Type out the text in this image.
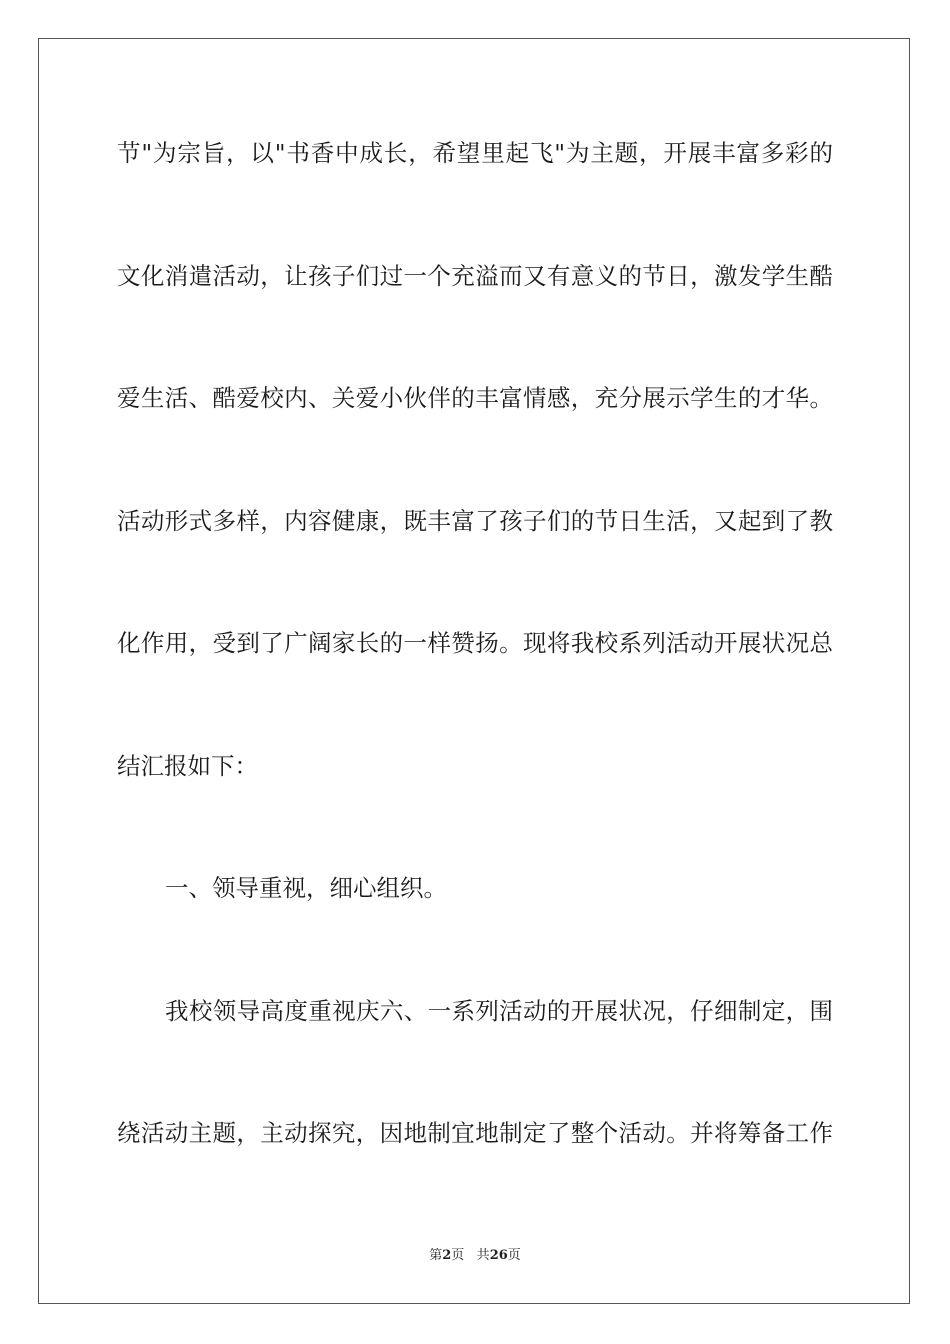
节"为宗旨，以"书香中成长，希望里起飞"为主题，开展丰富多彩的
文化消遣活动，让孩子们过一个充溢而又有意义的节日，激发学生酷
爱生活、酷爱校内、关爱小伙伴的丰富情感，充分展示学生的才华。
活动形式多样，内容健康，既丰富了孩子们的节日生活，又起到了教
化作用，受到了广阔家长的一样赞扬。现将我校系列活动开展状况总
结汇报如下：
一、领导重视，细心组织。
我校领导高度重视庆六、一系列活动的开展状况，仔细制定，围
绕活动主题，主动探究，因地制宜地制定了整个活动。并将筹备工作
第2页 共26页
